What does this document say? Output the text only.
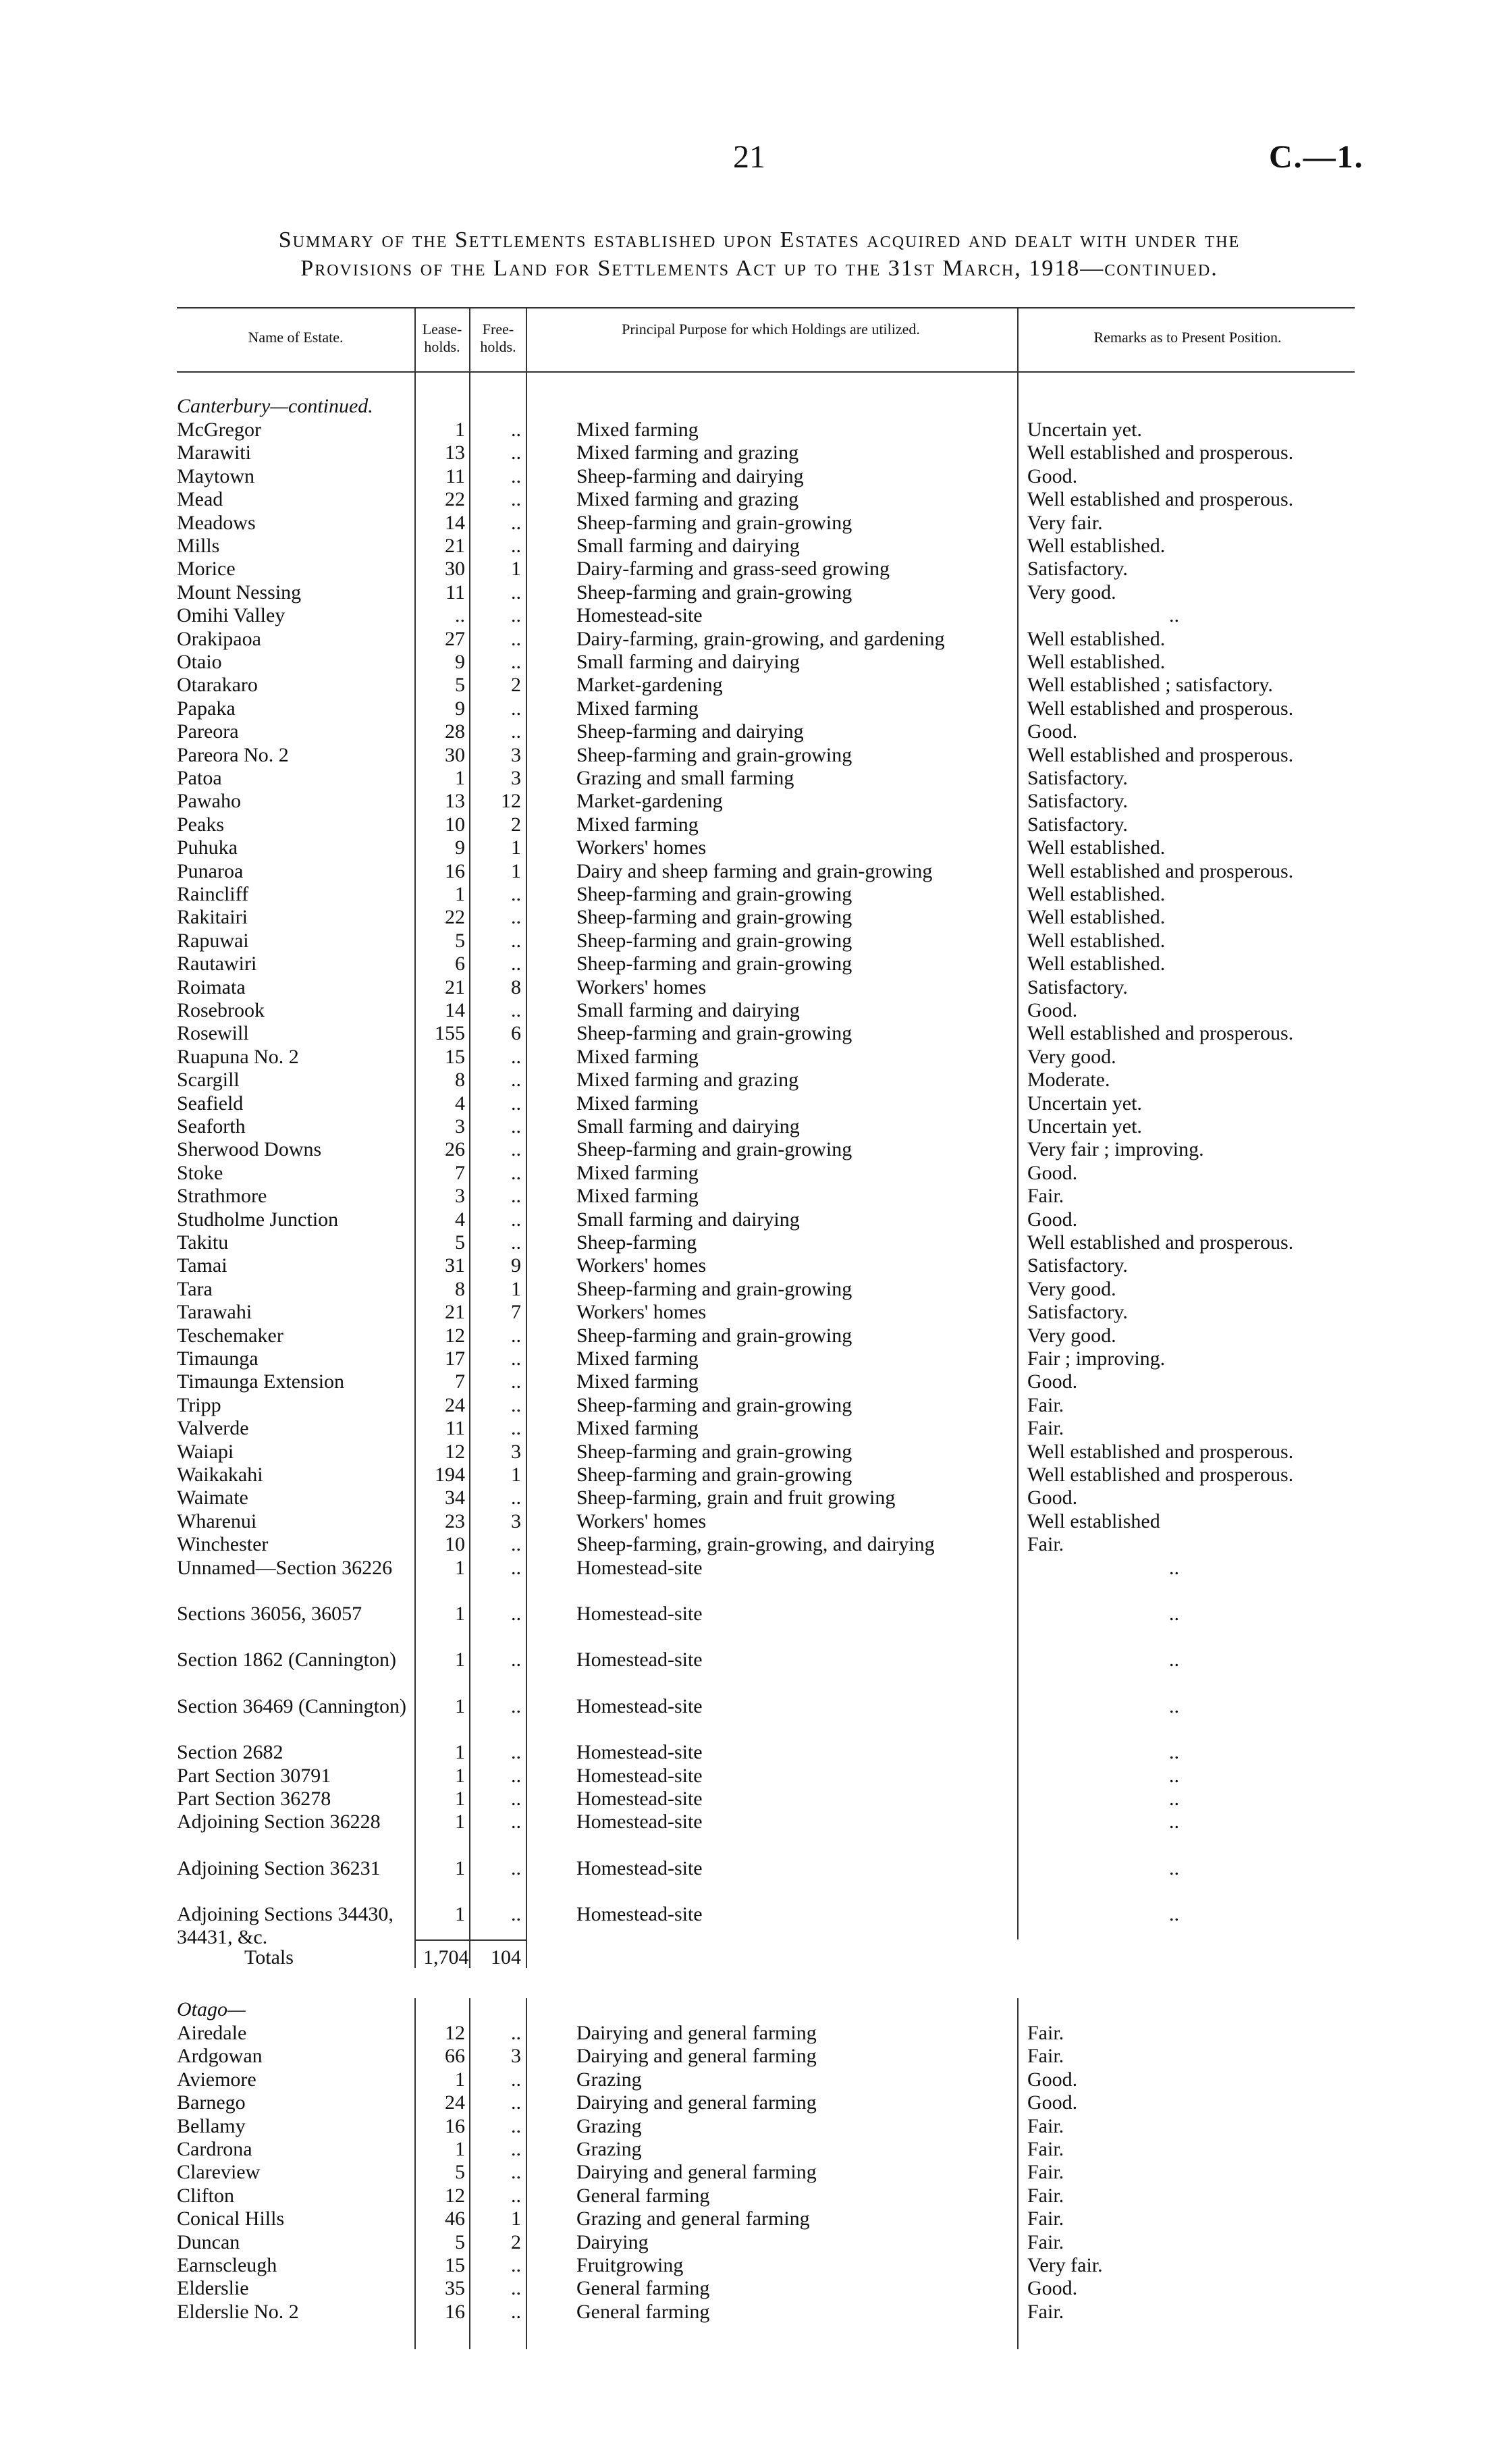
21	C.—1.
Summary of the Settlements established upon Estates acquired and dealt with under the
Provisions of the Land for Settlements Act up to the 31st March, 1918—continued.
Name of Estate.	Lease-holds.
Free-holds.
Principal Purpose for which Holdings are utilized.	Remarks as to Present Position.
Canterbury—continued.
McGregor	1	..	Mixed farming	Uncertain yet.
Marawiti	13	..	Mixed farming and grazing	Well established and prosperous.
Maytown	11	..	Sheep-farming and dairying	Good.
Mead	22	..	Mixed farming and grazing	Well established and prosperous.
Meadows	14	..	Sheep-farming and grain-growing	Very fair.
Mills	21	..	Small farming and dairying	Well established.
Morice	30	1	Dairy-farming and grass-seed growing	Satisfactory.
Mount Nessing	11	..	Sheep-farming and grain-growing	Very good.
Omihi Valley	..	..	Homestead-site	..
Orakipaoa	27	..	Dairy-farming, grain-growing, and gardening	Well established.
Otaio	9	..	Small farming and dairying	Well established.
Otarakaro	5	2	Market-gardening	Well established ; satisfactory.
Papaka	9	..	Mixed farming	Well established and prosperous.
Pareora	28	..	Sheep-farming and dairying	Good.
Pareora No. 2	30	3	Sheep-farming and grain-growing	Well established and prosperous.
Patoa	1	3	Grazing and small farming	Satisfactory.
Pawaho	13	12	Market-gardening	Satisfactory.
Peaks	10	2	Mixed farming	Satisfactory.
Puhuka	9	1	Workers' homes	Well established.
Punaroa	16	1	Dairy and sheep farming and grain-growing	Well established and prosperous.
Raincliff	1	..	Sheep-farming and grain-growing	Well established.
Rakitairi	22	..	Sheep-farming and grain-growing	Well established.
Rapuwai	5	..	Sheep-farming and grain-growing	Well established.
Rautawiri	6	..	Sheep-farming and grain-growing	Well established.
Roimata	21	8	Workers' homes	Satisfactory.
Rosebrook	14	..	Small farming and dairying	Good.
Rosewill	155	6	Sheep-farming and grain-growing	Well established and prosperous.
Ruapuna No. 2	15	..	Mixed farming	Very good.
Scargill	8	..	Mixed farming and grazing	Moderate.
Seafield	4	..	Mixed farming	Uncertain yet.
Seaforth	3	..	Small farming and dairying	Uncertain yet.
Sherwood Downs	26	..	Sheep-farming and grain-growing	Very fair ; improving.
Stoke	7	..	Mixed farming	Good.
Strathmore	3	..	Mixed farming	Fair.
Studholme Junction	4	..	Small farming and dairying	Good.
Takitu	5	..	Sheep-farming	Well established and prosperous.
Tamai	31	9	Workers' homes	Satisfactory.
Tara	8	1	Sheep-farming and grain-growing	Very good.
Tarawahi	21	7	Workers' homes	Satisfactory.
Teschemaker	12	..	Sheep-farming and grain-growing	Very good.
Timaunga	17	..	Mixed farming	Fair ; improving.
Timaunga Extension	7	..	Mixed farming	Good.
Tripp	24	..	Sheep-farming and grain-growing	Fair.
Valverde	11	..	Mixed farming	Fair.
Waiapi	12	3	Sheep-farming and grain-growing	Well established and prosperous.
Waikakahi	194	1	Sheep-farming and grain-growing	Well established and prosperous.
Waimate	34	..	Sheep-farming, grain and fruit growing	Good.
Wharenui	23	3	Workers' homes	Well established
Winchester	10	..	Sheep-farming, grain-growing, and dairying	Fair.
Unnamed—Section 36226	1	..	Homestead-site	..
Sections 36056, 36057	1	..	Homestead-site	..
Section 1862 (Cannington)	1	..	Homestead-site	..
Section 36469 (Cannington)	1	..	Homestead-site	..
Section 2682	1	..	Homestead-site	..
Part Section 30791	1	..	Homestead-site	..
Part Section 36278	1	..	Homestead-site	..
Adjoining Section 36228	1	..	Homestead-site	..
Adjoining Section 36231	1	..	Homestead-site	..
Adjoining Sections 34430, 34431, &c.
1	..	Homestead-site	..
Totals	1,704	104
Otago—
Airedale	12	..	Dairying and general farming	Fair.
Ardgowan	66	3	Dairying and general farming	Fair.
Aviemore	1	..	Grazing	Good.
Barnego	24	..	Dairying and general farming	Good.
Bellamy	16	..	Grazing	Fair.
Cardrona	1	..	Grazing	Fair.
Clareview	5	..	Dairying and general farming	Fair.
Clifton	12	..	General farming	Fair.
Conical Hills	46	1	Grazing and general farming	Fair.
Duncan	5	2	Dairying	Fair.
Earnscleugh	15	..	Fruitgrowing	Very fair.
Elderslie	35	..	General farming	Good.
Elderslie No. 2	16	..	General farming	Fair.
